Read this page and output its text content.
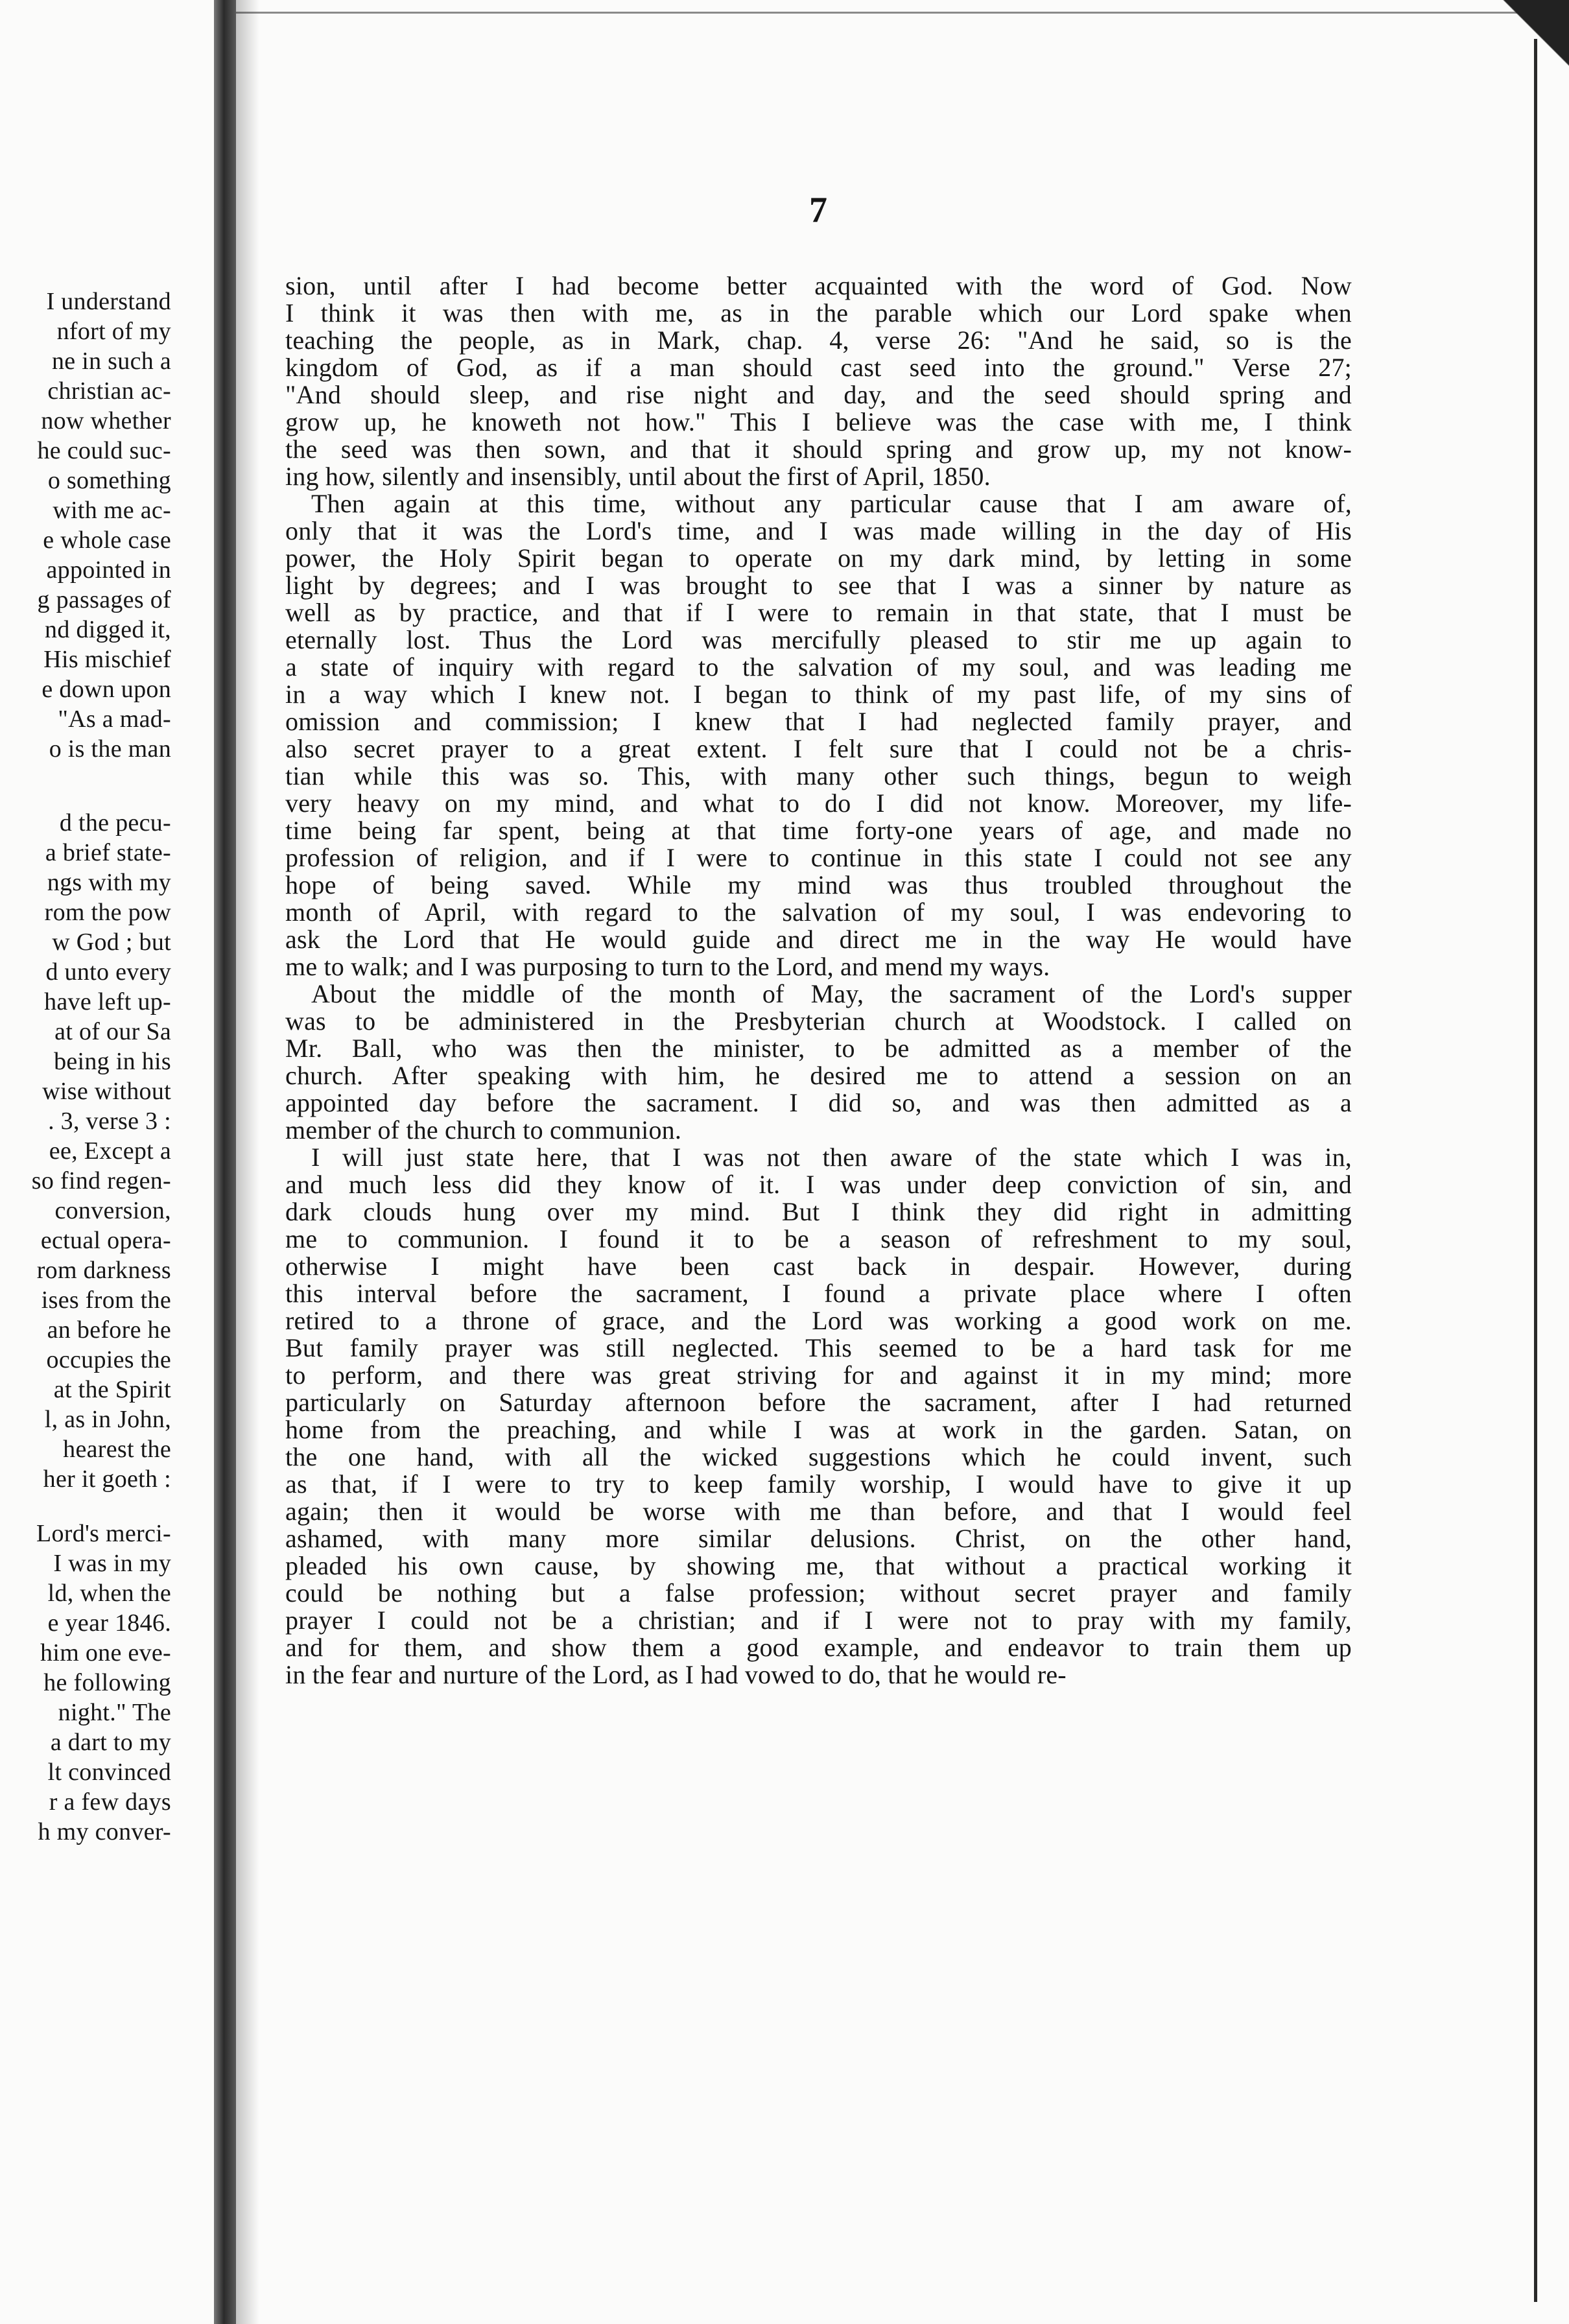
I understand
nfort of my
ne in such a
christian ac-
now whether
he could suc-
o something
with me ac-
e whole case
appointed in
g passages of
nd digged it,
His mischief
e down upon
"As a mad-
o is the man
d the pecu-
a brief state-
ngs with my
rom the pow
w God ; but
d unto every
have left up-
at of our Sa
being in his
wise without
. 3, verse 3 :
ee, Except a
so find regen-
conversion,
ectual opera-
rom darkness
ises from the
an before he
occupies the
at the Spirit
l, as in John,
hearest the
her it goeth :
Lord's merci-
I was in my
ld, when the
e year 1846.
him one eve-
he following
night." The
a dart to my
lt convinced
r a few days
h my conver-
7
sion, until after I had become better acquainted with the word of God. Now
I think it was then with me, as in the parable which our Lord spake when
teaching the people, as in Mark, chap. 4, verse 26: "And he said, so is the
kingdom of God, as if a man should cast seed into the ground." Verse 27;
"And should sleep, and rise night and day, and the seed should spring and
grow up, he knoweth not how." This I believe was the case with me, I think
the seed was then sown, and that it should spring and grow up, my not know-
ing how, silently and insensibly, until about the first of April, 1850.
Then again at this time, without any particular cause that I am aware of,
only that it was the Lord's time, and I was made willing in the day of His
power, the Holy Spirit began to operate on my dark mind, by letting in some
light by degrees; and I was brought to see that I was a sinner by nature as
well as by practice, and that if I were to remain in that state, that I must be
eternally lost. Thus the Lord was mercifully pleased to stir me up again to
a state of inquiry with regard to the salvation of my soul, and was leading me
in a way which I knew not. I began to think of my past life, of my sins of
omission and commission; I knew that I had neglected family prayer, and
also secret prayer to a great extent. I felt sure that I could not be a chris-
tian while this was so. This, with many other such things, begun to weigh
very heavy on my mind, and what to do I did not know. Moreover, my life-
time being far spent, being at that time forty-one years of age, and made no
profession of religion, and if I were to continue in this state I could not see any
hope of being saved. While my mind was thus troubled throughout the
month of April, with regard to the salvation of my soul, I was endevoring to
ask the Lord that He would guide and direct me in the way He would have
me to walk; and I was purposing to turn to the Lord, and mend my ways.
About the middle of the month of May, the sacrament of the Lord's supper
was to be administered in the Presbyterian church at Woodstock. I called on
Mr. Ball, who was then the minister, to be admitted as a member of the
church. After speaking with him, he desired me to attend a session on an
appointed day before the sacrament. I did so, and was then admitted as a
member of the church to communion.
I will just state here, that I was not then aware of the state which I was in,
and much less did they know of it. I was under deep conviction of sin, and
dark clouds hung over my mind. But I think they did right in admitting
me to communion. I found it to be a season of refreshment to my soul,
otherwise I might have been cast back in despair. However, during
this interval before the sacrament, I found a private place where I often
retired to a throne of grace, and the Lord was working a good work on me.
But family prayer was still neglected. This seemed to be a hard task for me
to perform, and there was great striving for and against it in my mind; more
particularly on Saturday afternoon before the sacrament, after I had returned
home from the preaching, and while I was at work in the garden. Satan, on
the one hand, with all the wicked suggestions which he could invent, such
as that, if I were to try to keep family worship, I would have to give it up
again; then it would be worse with me than before, and that I would feel
ashamed, with many more similar delusions. Christ, on the other hand,
pleaded his own cause, by showing me, that without a practical working it
could be nothing but a false profession; without secret prayer and family
prayer I could not be a christian; and if I were not to pray with my family,
and for them, and show them a good example, and endeavor to train them up
in the fear and nurture of the Lord, as I had vowed to do, that he would re-
